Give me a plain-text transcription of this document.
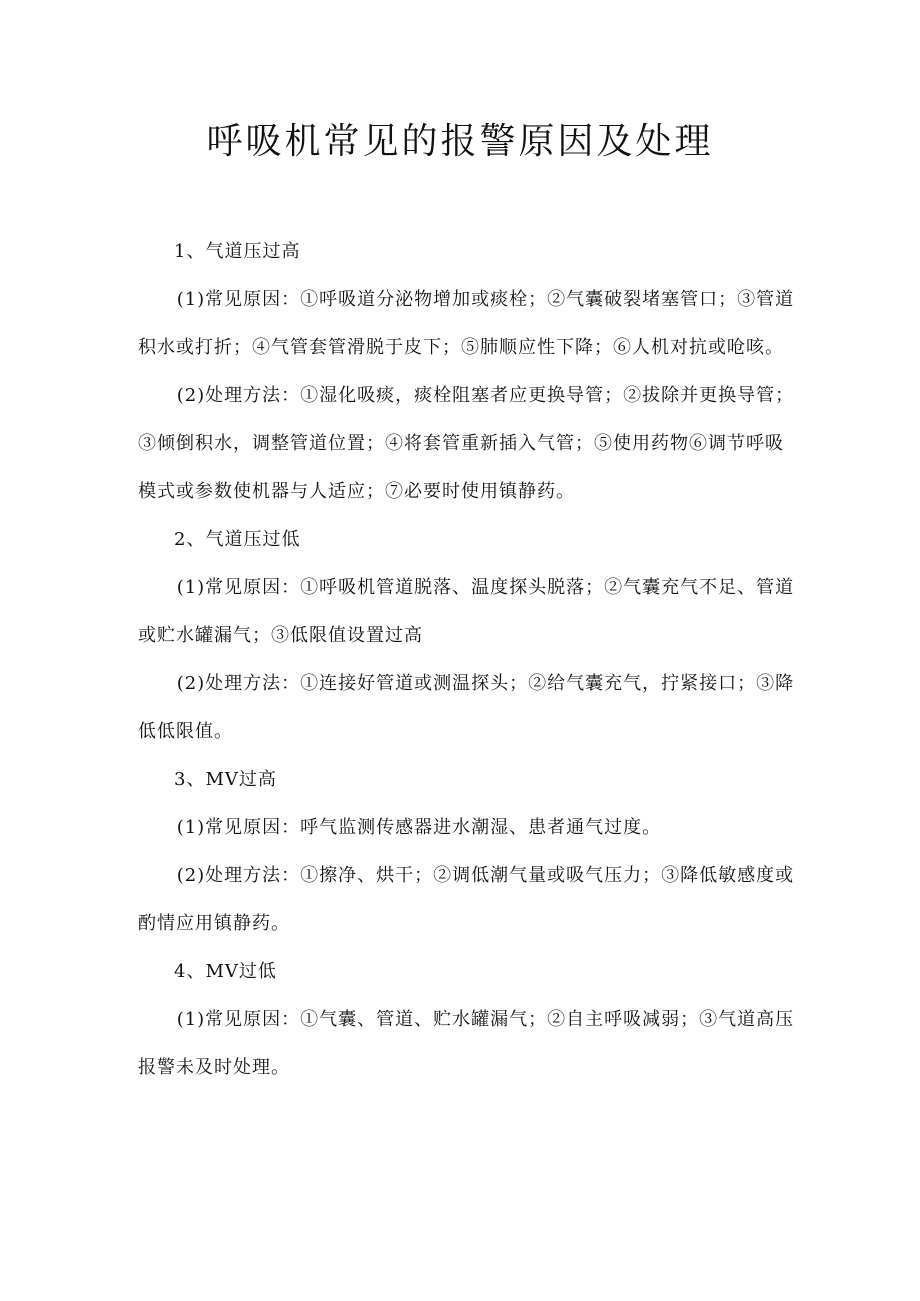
呼吸机常见的报警原因及处理

1、气道压过高

(1)常见原因：①呼吸道分泌物增加或痰栓；②气囊破裂堵塞管口；③管道积水或打折；④气管套管滑脱于皮下；⑤肺顺应性下降；⑥人机对抗或呛咳。

(2)处理方法：①湿化吸痰，痰栓阻塞者应更换导管；②拔除并更换导管；③倾倒积水，调整管道位置；④将套管重新插入气管；⑤使用药物⑥调节呼吸模式或参数使机器与人适应；⑦必要时使用镇静药。

2、气道压过低

(1)常见原因：①呼吸机管道脱落、温度探头脱落；②气囊充气不足、管道或贮水罐漏气；③低限值设置过高

(2)处理方法：①连接好管道或测温探头；②给气囊充气，拧紧接口；③降低低限值。

3、MV过高

(1)常见原因：呼气监测传感器进水潮湿、患者通气过度。

(2)处理方法：①擦净、烘干；②调低潮气量或吸气压力；③降低敏感度或酌情应用镇静药。

4、MV过低

(1)常见原因：①气囊、管道、贮水罐漏气；②自主呼吸减弱；③气道高压报警未及时处理。
